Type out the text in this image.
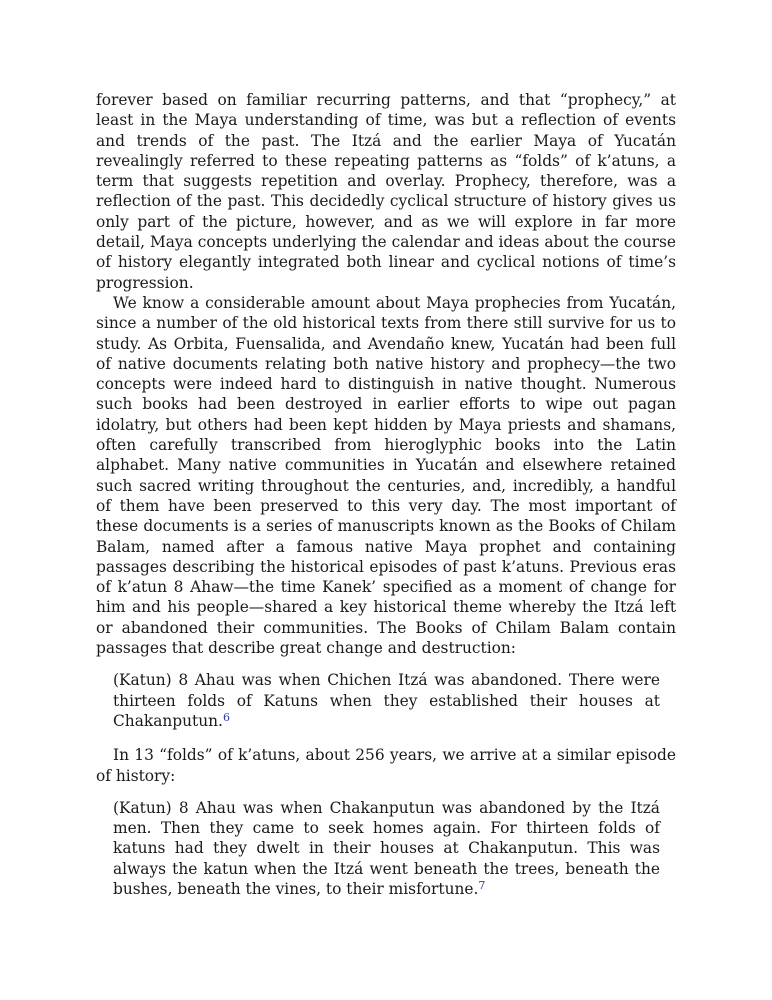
forever based on familiar recurring patterns, and that “prophecy,” at least in the Maya understanding of time, was but a reflection of events and trends of the past. The Itzá and the earlier Maya of Yucatán revealingly referred to these repeating patterns as “folds” of k’atuns, a term that suggests repetition and overlay. Prophecy, therefore, was a reflection of the past. This decidedly cyclical structure of history gives us only part of the picture, however, and as we will explore in far more detail, Maya concepts underlying the calendar and ideas about the course of history elegantly integrated both linear and cyclical notions of time’s progression.

We know a considerable amount about Maya prophecies from Yucatán, since a number of the old historical texts from there still survive for us to study. As Orbita, Fuensalida, and Avendaño knew, Yucatán had been full of native documents relating both native history and prophecy—the two concepts were indeed hard to distinguish in native thought. Numerous such books had been destroyed in earlier efforts to wipe out pagan idolatry, but others had been kept hidden by Maya priests and shamans, often carefully transcribed from hieroglyphic books into the Latin alphabet. Many native communities in Yucatán and elsewhere retained such sacred writing throughout the centuries, and, incredibly, a handful of them have been preserved to this very day. The most important of these documents is a series of manuscripts known as the Books of Chilam Balam, named after a famous native Maya prophet and containing passages describing the historical episodes of past k’atuns. Previous eras of k’atun 8 Ahaw—the time Kanek’ specified as a moment of change for him and his people—shared a key historical theme whereby the Itzá left or abandoned their communities. The Books of Chilam Balam contain passages that describe great change and destruction:

(Katun) 8 Ahau was when Chichen Itzá was abandoned. There were thirteen folds of Katuns when they established their houses at Chakanputun.$^6$

In 13 “folds” of k’atuns, about 256 years, we arrive at a similar episode of history:

(Katun) 8 Ahau was when Chakanputun was abandoned by the Itzá men. Then they came to seek homes again. For thirteen folds of katuns had they dwelt in their houses at Chakanputun. This was always the katun when the Itzá went beneath the trees, beneath the bushes, beneath the vines, to their misfortune.$^7$
